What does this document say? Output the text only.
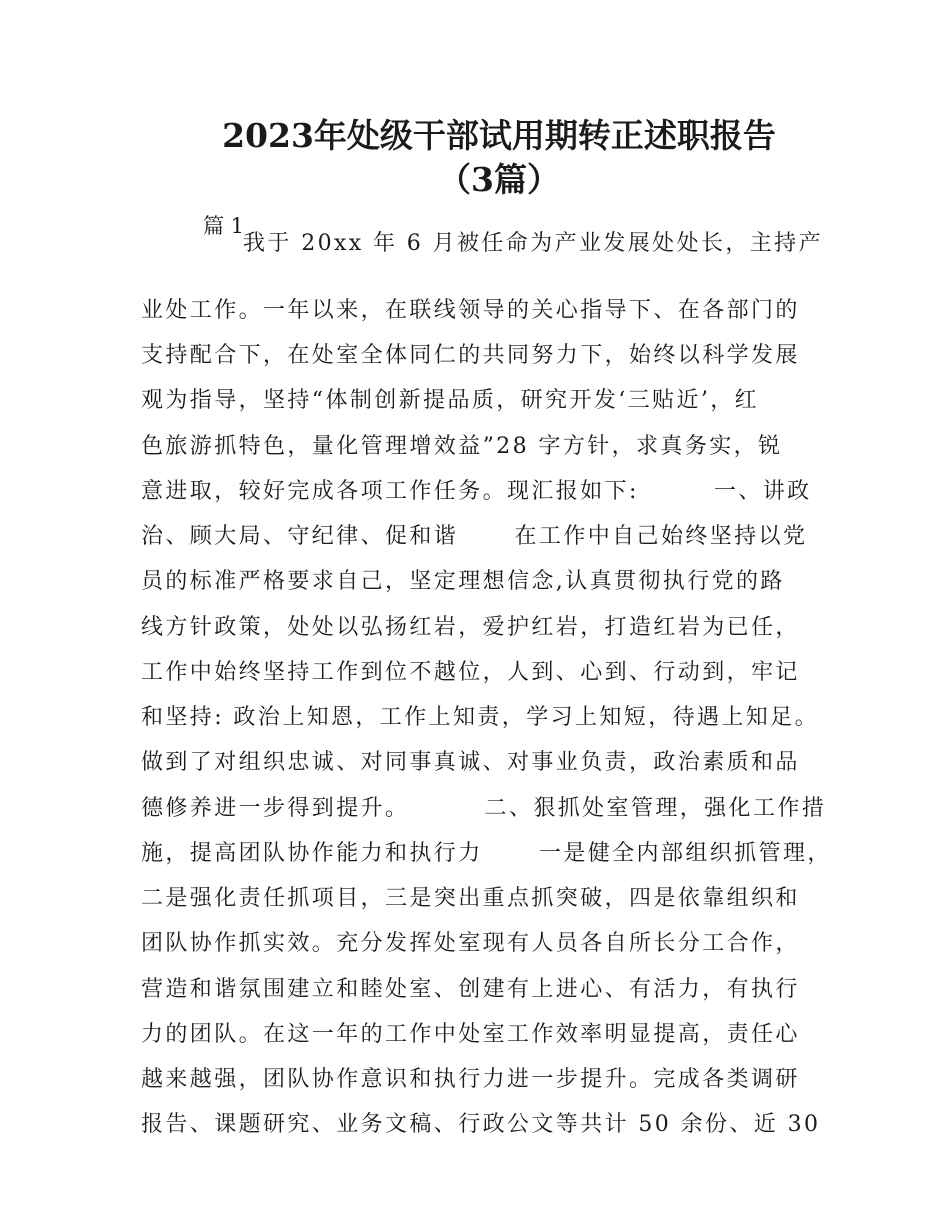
2023年处级干部试用期转正述职报告
（3篇）
篇 1
我于 20xx 年 6 月被任命为产业发展处处长，主持产
业处工作。一年以来，在联线领导的关心指导下、在各部门的
支持配合下，在处室全体同仁的共同努力下，始终以科学发展
观为指导，坚持“体制创新提品质，研究开发‘三贴近’，红
色旅游抓特色，量化管理增效益”28 字方针，求真务实，锐
意进取，较好完成各项工作任务。现汇报如下:        一、讲政
治、顾大局、守纪律、促和谐      在工作中自己始终坚持以党
员的标准严格要求自己，坚定理想信念,认真贯彻执行党的路
线方针政策，处处以弘扬红岩，爱护红岩，打造红岩为已任，
工作中始终坚持工作到位不越位，人到、心到、行动到，牢记
和坚持: 政治上知恩，工作上知责，学习上知短，待遇上知足。
做到了对组织忠诚、对同事真诚、对事业负责，政治素质和品
德修养进一步得到提升。        二、狠抓处室管理，强化工作措
施，提高团队协作能力和执行力      一是健全内部组织抓管理，
二是强化责任抓项目，三是突出重点抓突破，四是依靠组织和
团队协作抓实效。充分发挥处室现有人员各自所长分工合作，
营造和谐氛围建立和睦处室、创建有上进心、有活力，有执行
力的团队。在这一年的工作中处室工作效率明显提高，责任心
越来越强，团队协作意识和执行力进一步提升。完成各类调研
报告、课题研究、业务文稿、行政公文等共计 50 余份、近 30
